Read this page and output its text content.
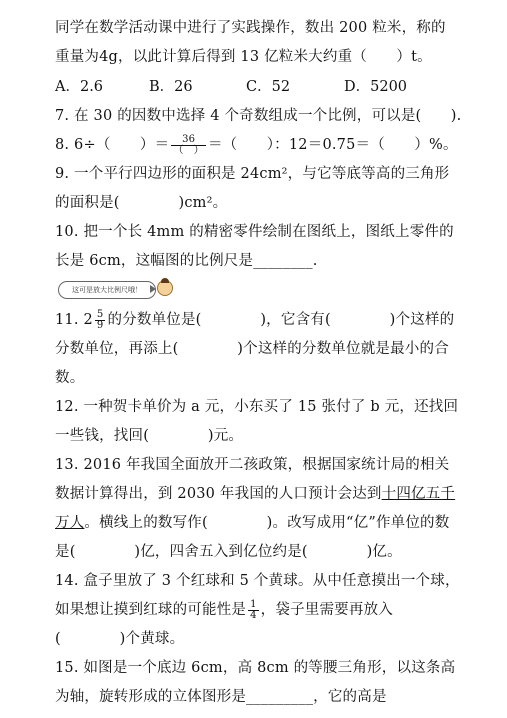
同学在数学活动课中进行了实践操作，数出 200 粒米，称的
重量为4g，以此计算后得到 13 亿粒米大约重（　　）t。
A．2.6	B．26	C．52	D．5200
7. 在 30 的因数中选择 4 个奇数组成一个比例，可以是(　　).
8. 6÷（　　）＝ $\frac{36}{( )}$ ＝（　　）：12＝0.75＝（　　）%。
9. 一个平行四边形的面积是 24cm²，与它等底等高的三角形
的面积是(　　　　)cm²。
10. 把一个长 4mm 的精密零件绘制在图纸上，图纸上零件的
长是 6cm，这幅图的比例尺是________.
这可是放大比例尺哦！
11. $2 \frac{5}{9}$ 的分数单位是(　　　　)，它含有(　　　　)个这样的
分数单位，再添上(　　　　)个这样的分数单位就是最小的合
数。
12. 一种贺卡单价为 a 元，小东买了 15 张付了 b 元，还找回
一些钱，找回(　　　　)元。
13. 2016 年我国全面放开二孩政策，根据国家统计局的相关
数据计算得出，到 2030 年我国的人口预计会达到十四亿五千
万人。横线上的数写作(　　　　)。改写成用“亿”作单位的数
是(　　　　)亿，四舍五入到亿位约是(　　　　)亿。
14. 盒子里放了 3 个红球和 5 个黄球。从中任意摸出一个球，
如果想让摸到红球的可能性是 $\frac{1}{4}$ ，袋子里需要再放入
(　　　　)个黄球。
15. 如图是一个底边 6cm，高 8cm 的等腰三角形，以这条高
为轴，旋转形成的立体图形是_________，它的高是
